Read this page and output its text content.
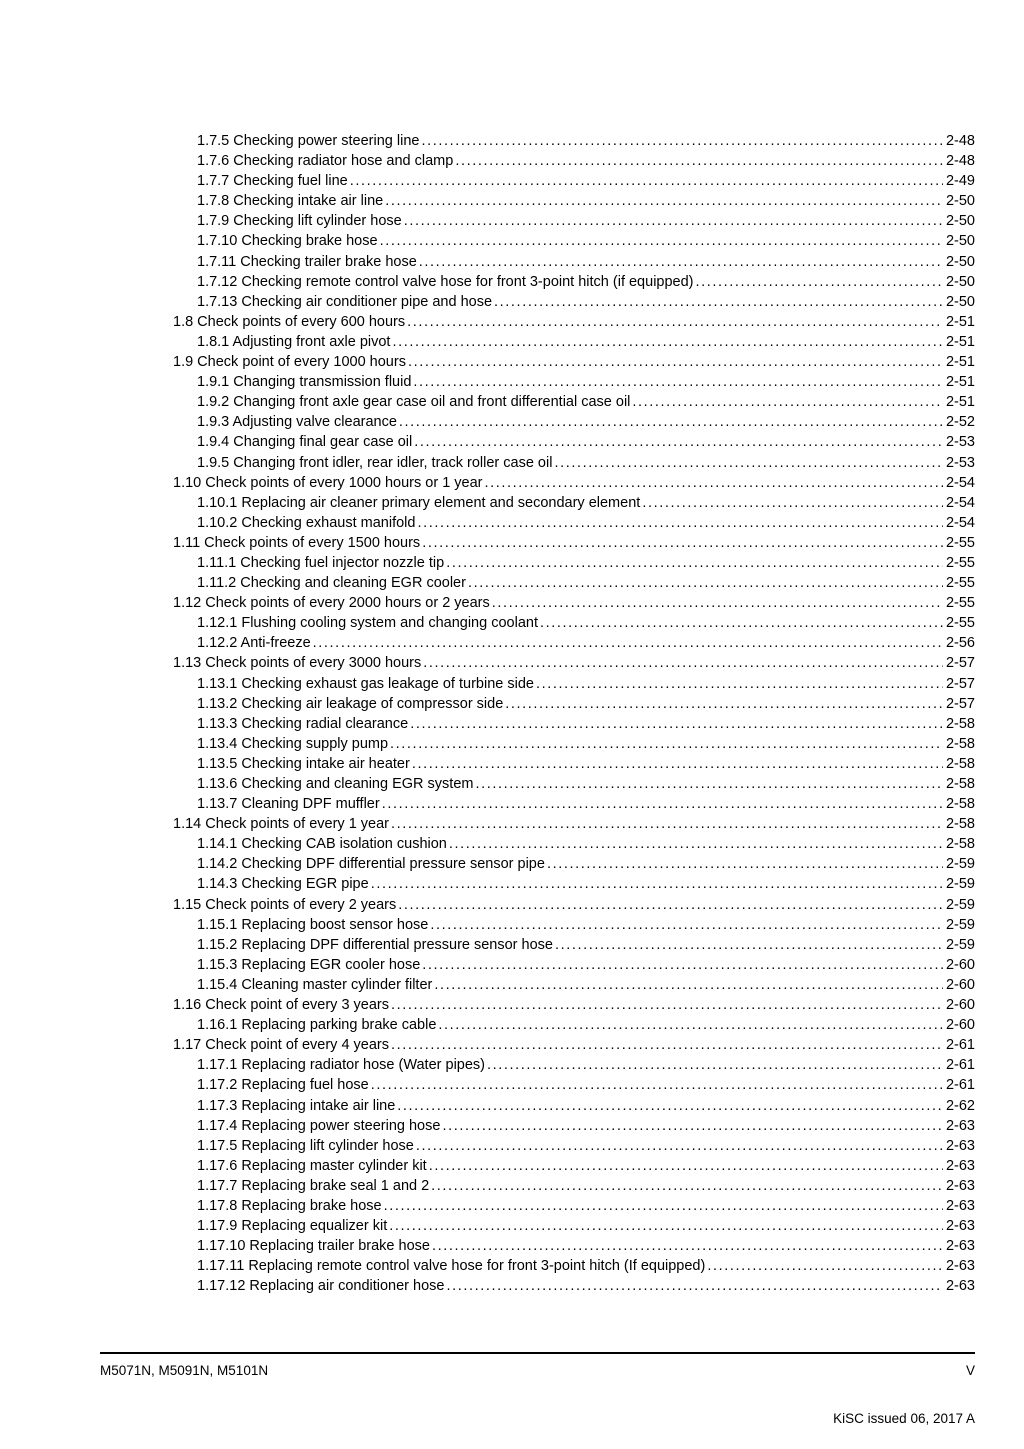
1.7.5 Checking power steering line .....	2-48
1.7.6 Checking radiator hose and clamp .....	2-48
1.7.7 Checking fuel line .....	2-49
1.7.8 Checking intake air line .....	2-50
1.7.9 Checking lift cylinder hose .....	2-50
1.7.10 Checking brake hose .....	2-50
1.7.11 Checking trailer brake hose .....	2-50
1.7.12 Checking remote control valve hose for front 3-point hitch (if equipped) .....	2-50
1.7.13 Checking air conditioner pipe and hose .....	2-50
1.8 Check points of every 600 hours .....	2-51
1.8.1 Adjusting front axle pivot .....	2-51
1.9 Check point of every 1000 hours .....	2-51
1.9.1 Changing transmission fluid .....	2-51
1.9.2 Changing front axle gear case oil and front differential case oil .....	2-51
1.9.3 Adjusting valve clearance .....	2-52
1.9.4 Changing final gear case oil .....	2-53
1.9.5 Changing front idler, rear idler, track roller case oil .....	2-53
1.10 Check points of every 1000 hours or 1 year .....	2-54
1.10.1 Replacing air cleaner primary element and secondary element .....	2-54
1.10.2 Checking exhaust manifold .....	2-54
1.11 Check points of every 1500 hours .....	2-55
1.11.1 Checking fuel injector nozzle tip .....	2-55
1.11.2 Checking and cleaning EGR cooler .....	2-55
1.12 Check points of every 2000 hours or 2 years .....	2-55
1.12.1 Flushing cooling system and changing coolant .....	2-55
1.12.2 Anti-freeze .....	2-56
1.13 Check points of every 3000 hours .....	2-57
1.13.1 Checking exhaust gas leakage of turbine side .....	2-57
1.13.2 Checking air leakage of compressor side .....	2-57
1.13.3 Checking radial clearance .....	2-58
1.13.4 Checking supply pump .....	2-58
1.13.5 Checking intake air heater .....	2-58
1.13.6 Checking and cleaning EGR system .....	2-58
1.13.7 Cleaning DPF muffler .....	2-58
1.14 Check points of every 1 year .....	2-58
1.14.1 Checking CAB isolation cushion .....	2-58
1.14.2 Checking DPF differential pressure sensor pipe .....	2-59
1.14.3 Checking EGR pipe .....	2-59
1.15 Check points of every 2 years .....	2-59
1.15.1 Replacing boost sensor hose .....	2-59
1.15.2 Replacing DPF differential pressure sensor hose .....	2-59
1.15.3 Replacing EGR cooler hose .....	2-60
1.15.4 Cleaning master cylinder filter .....	2-60
1.16 Check point of every 3 years .....	2-60
1.16.1 Replacing parking brake cable .....	2-60
1.17 Check point of every 4 years .....	2-61
1.17.1 Replacing radiator hose (Water pipes) .....	2-61
1.17.2 Replacing fuel hose .....	2-61
1.17.3 Replacing intake air line .....	2-62
1.17.4 Replacing power steering hose .....	2-63
1.17.5 Replacing lift cylinder hose .....	2-63
1.17.6 Replacing master cylinder kit .....	2-63
1.17.7 Replacing brake seal 1 and 2 .....	2-63
1.17.8 Replacing brake hose .....	2-63
1.17.9 Replacing equalizer kit .....	2-63
1.17.10 Replacing trailer brake hose .....	2-63
1.17.11 Replacing remote control valve hose for front 3-point hitch (If equipped) .....	2-63
1.17.12 Replacing air conditioner hose .....	2-63
M5071N, M5091N, M5101N	V
KiSC issued 06, 2017 A
